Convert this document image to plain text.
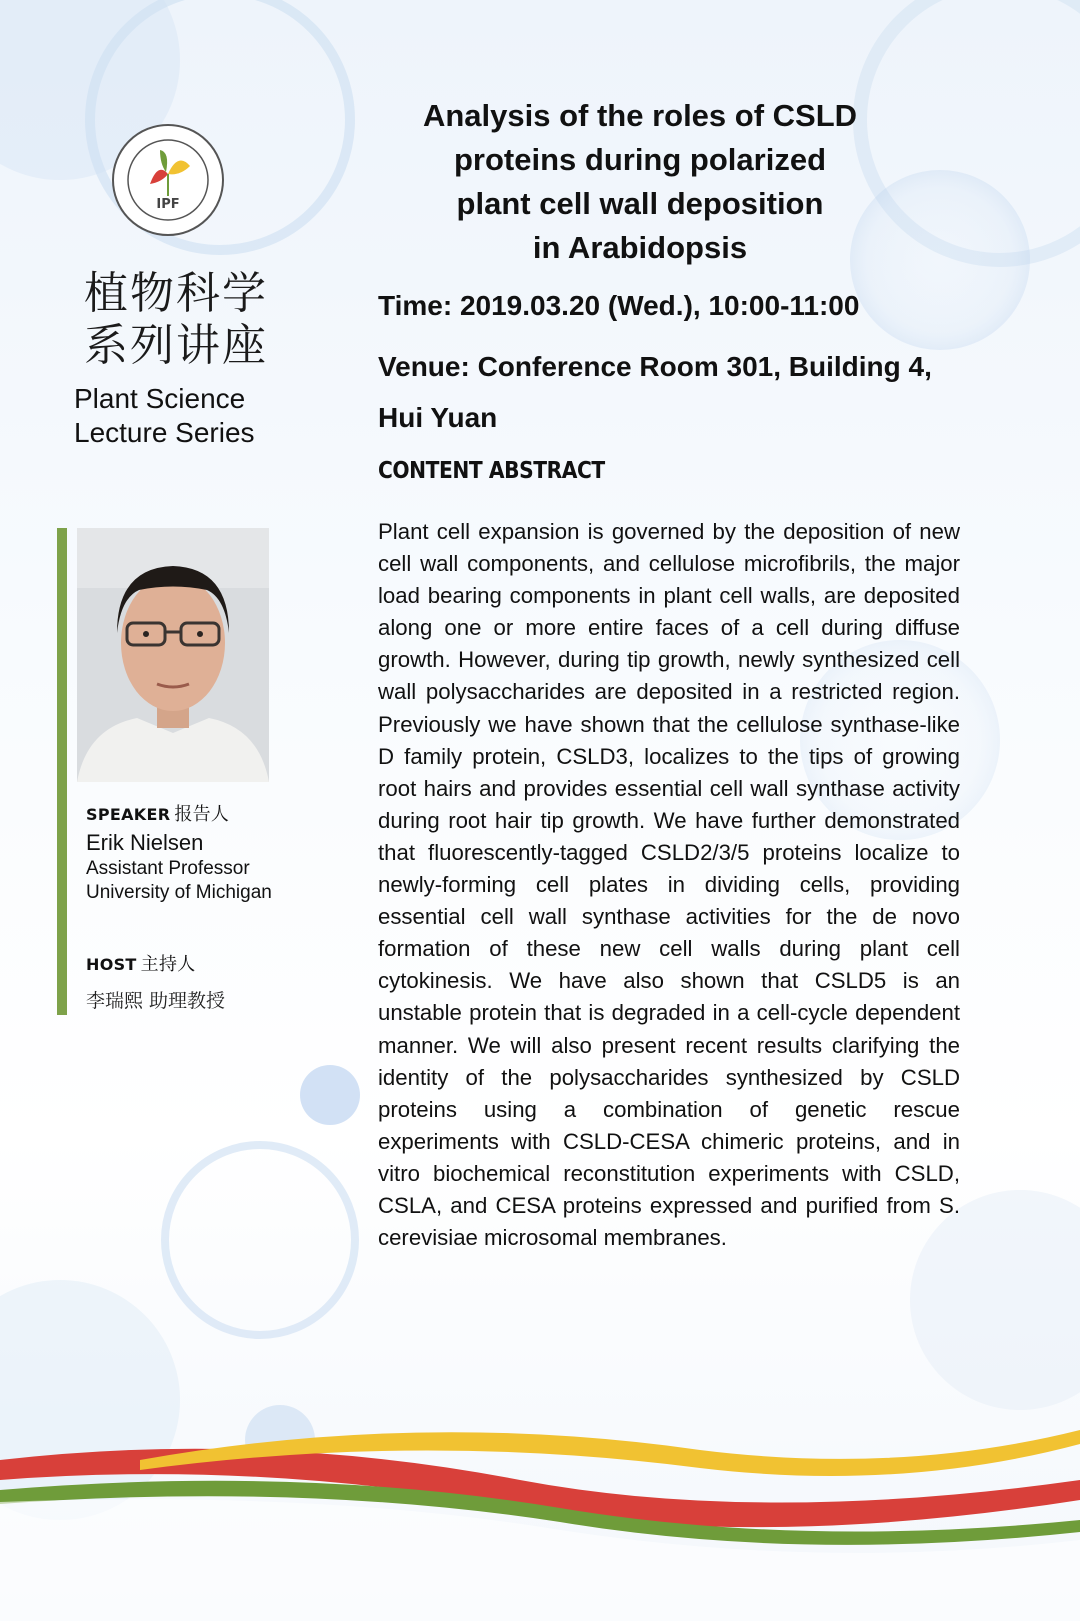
IPF
植物科学
系列讲座
Plant Science
Lecture Series
Analysis of the roles of CSLD
proteins during polarized
plant cell wall deposition
in Arabidopsis
Time: 2019.03.20 (Wed.), 10:00-11:00
Venue: Conference Room 301, Building 4,
Hui Yuan
CONTENT ABSTRACT
Plant cell expansion is governed by the deposition of new cell wall components, and cellulose microfibrils, the major load bearing components in plant cell walls, are deposited along one or more entire faces of a cell during diffuse growth. However, during tip growth, newly synthesized cell wall polysaccharides are deposited in a restricted region. Previously we have shown that the cellulose synthase-like D family protein, CSLD3, localizes to the tips of growing root hairs and provides essential cell wall synthase activity during root hair tip growth. We have further demonstrated that fluorescently-tagged CSLD2/3/5 proteins localize to newly-forming cell plates in dividing cells, providing essential cell wall synthase activities for the de novo formation of these new cell walls during plant cell cytokinesis. We have also shown that CSLD5 is an unstable protein that is degraded in a cell-cycle dependent manner. We will also present recent results clarifying the identity of the polysaccharides synthesized by CSLD proteins using a combination of genetic rescue experiments with CSLD-CESA chimeric proteins, and in vitro biochemical reconstitution experiments with CSLD, CSLA, and CESA proteins expressed and purified from S. cerevisiae microsomal membranes.
SPEAKER 报告人
Erik Nielsen
Assistant Professor
University of Michigan
HOST 主持人
李瑞熙 助理教授
